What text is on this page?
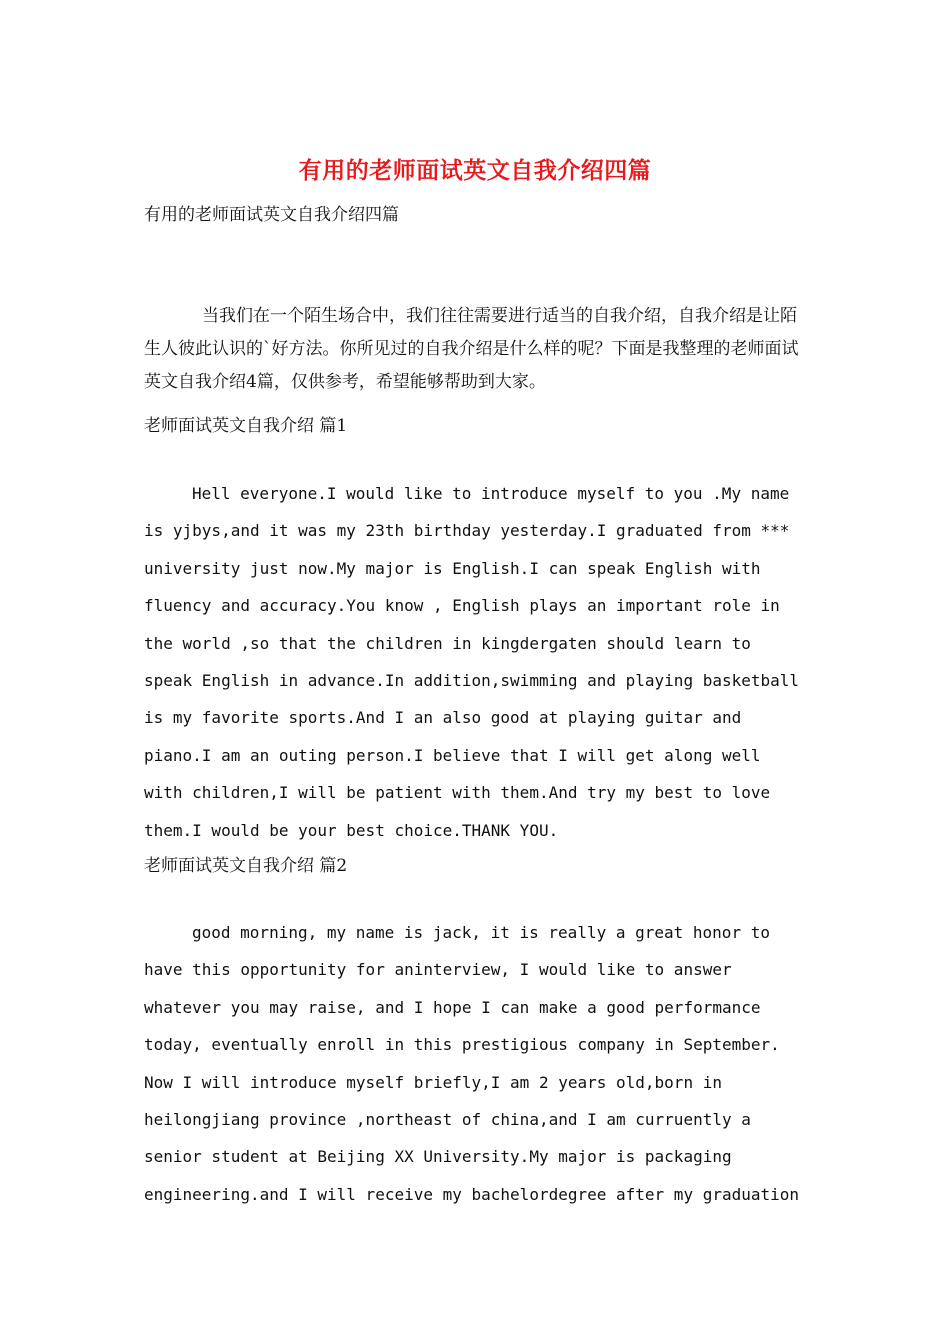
有用的老师面试英文自我介绍四篇
有用的老师面试英文自我介绍四篇
当我们在一个陌生场合中，我们往往需要进行适当的自我介绍，自我介绍是让陌生人彼此认识的`好方法。你所见过的自我介绍是什么样的呢？下面是我整理的老师面试英文自我介绍4篇，仅供参考，希望能够帮助到大家。
老师面试英文自我介绍 篇1
Hell everyone.I would like to introduce myself to you .My name is yjbys,and it was my 23th birthday yesterday.I graduated from *** university just now.My major is English.I can speak English with fluency and accuracy.You know , English plays an important role in the world ,so that the children in kingdergaten should learn to speak English in advance.In addition,swimming and playing basketball is my favorite sports.And I an also good at playing guitar and piano.I am an outing person.I believe that I will get along well with children,I will be patient with them.And try my best to love them.I would be your best choice.THANK YOU.
老师面试英文自我介绍 篇2
good morning, my name is jack, it is really a great honor to have this opportunity for aninterview, I would like to answer whatever you may raise, and I hope I can make a good performance today, eventually enroll in this prestigious company in September. Now I will introduce myself briefly,I am 2 years old,born in heilongjiang province ,northeast of china,and I am curruently a senior student at Beijing XX University.My major is packaging engineering.and I will receive my bachelordegree after my graduation
